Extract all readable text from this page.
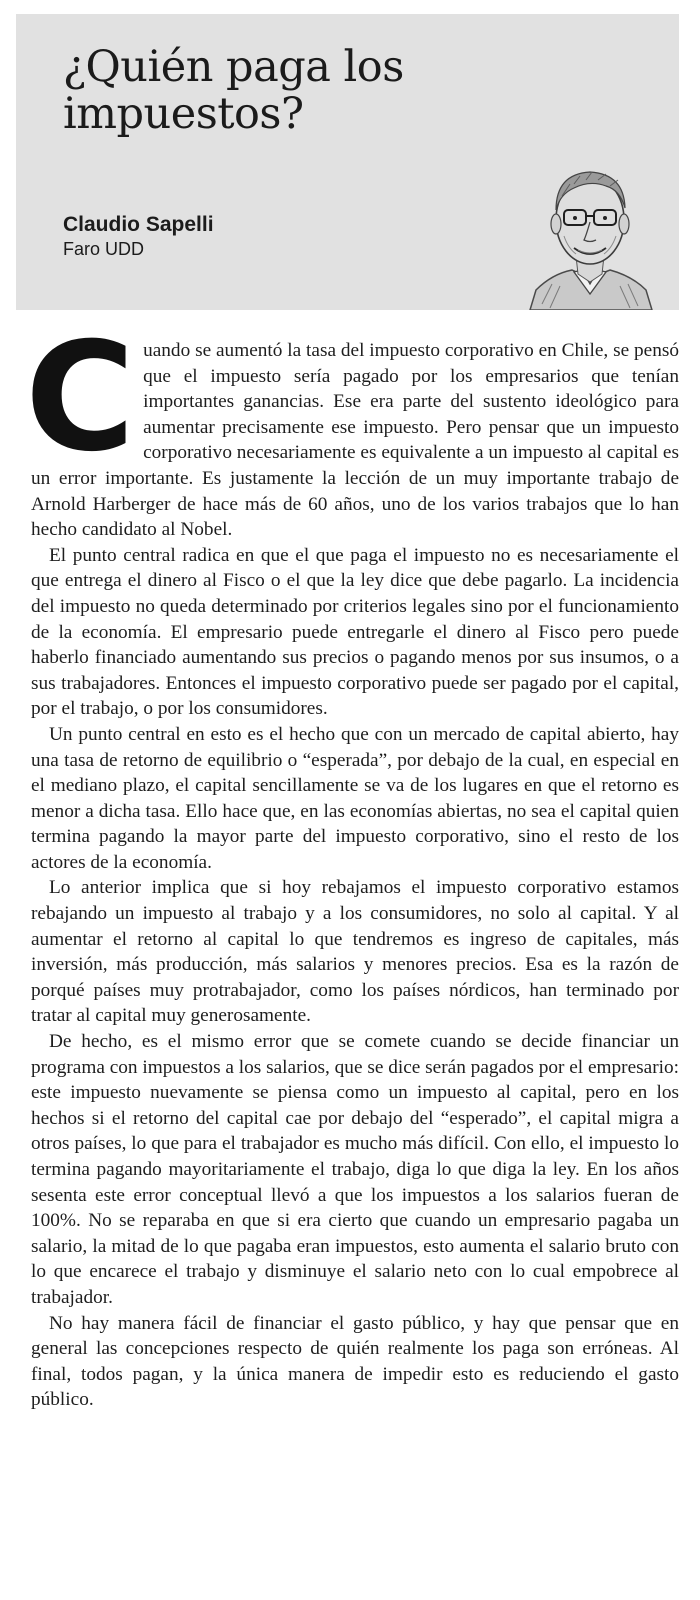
¿Quién paga los impuestos?
Claudio Sapelli
Faro UDD

Cuando se aumentó la tasa del impuesto corporativo en Chile, se pensó que el impuesto sería pagado por los empresarios que tenían importantes ganancias. Ese era parte del sustento ideológico para aumentar precisamente ese impuesto. Pero pensar que un impuesto corporativo necesariamente es equivalente a un impuesto al capital es un error importante. Es justamente la lección de un muy importante trabajo de Arnold Harberger de hace más de 60 años, uno de los varios trabajos que lo han hecho candidato al Nobel.

El punto central radica en que el que paga el impuesto no es necesariamente el que entrega el dinero al Fisco o el que la ley dice que debe pagarlo. La incidencia del impuesto no queda determinado por criterios legales sino por el funcionamiento de la economía. El empresario puede entregarle el dinero al Fisco pero puede haberlo financiado aumentando sus precios o pagando menos por sus insumos, o a sus trabajadores. Entonces el impuesto corporativo puede ser pagado por el capital, por el trabajo, o por los consumidores.

Un punto central en esto es el hecho que con un mercado de capital abierto, hay una tasa de retorno de equilibrio o “esperada”, por debajo de la cual, en especial en el mediano plazo, el capital sencillamente se va de los lugares en que el retorno es menor a dicha tasa. Ello hace que, en las economías abiertas, no sea el capital quien termina pagando la mayor parte del impuesto corporativo, sino el resto de los actores de la economía.

Lo anterior implica que si hoy rebajamos el impuesto corporativo estamos rebajando un impuesto al trabajo y a los consumidores, no solo al capital. Y al aumentar el retorno al capital lo que tendremos es ingreso de capitales, más inversión, más producción, más salarios y menores precios. Esa es la razón de porqué países muy protrabajador, como los países nórdicos, han terminado por tratar al capital muy generosamente.

De hecho, es el mismo error que se comete cuando se decide financiar un programa con impuestos a los salarios, que se dice serán pagados por el empresario: este impuesto nuevamente se piensa como un impuesto al capital, pero en los hechos si el retorno del capital cae por debajo del “esperado”, el capital migra a otros países, lo que para el trabajador es mucho más difícil. Con ello, el impuesto lo termina pagando mayoritariamente el trabajo, diga lo que diga la ley. En los años sesenta este error conceptual llevó a que los impuestos a los salarios fueran de 100%. No se reparaba en que si era cierto que cuando un empresario pagaba un salario, la mitad de lo que pagaba eran impuestos, esto aumenta el salario bruto con lo que encarece el trabajo y disminuye el salario neto con lo cual empobrece al trabajador.

No hay manera fácil de financiar el gasto público, y hay que pensar que en general las concepciones respecto de quién realmente los paga son erróneas. Al final, todos pagan, y la única manera de impedir esto es reduciendo el gasto público.
